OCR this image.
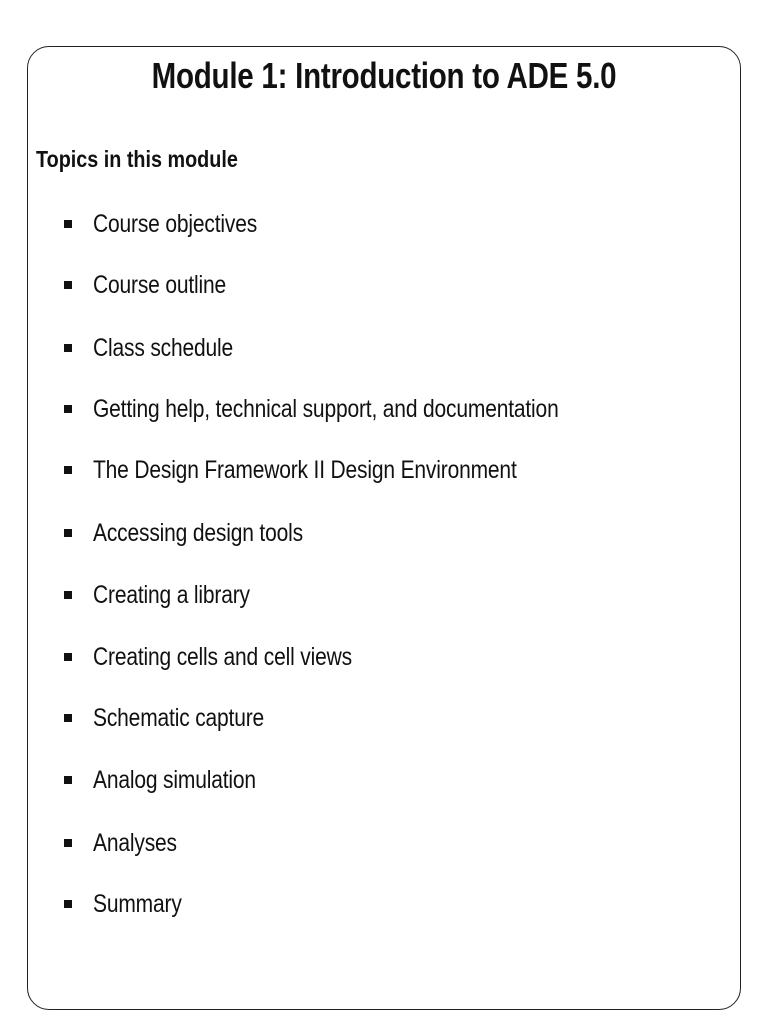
Module 1: Introduction to ADE 5.0
Topics in this module
Course objectives
Course outline
Class schedule
Getting help, technical support, and documentation
The Design Framework II Design Environment
Accessing design tools
Creating a library
Creating cells and cell views
Schematic capture
Analog simulation
Analyses
Summary
